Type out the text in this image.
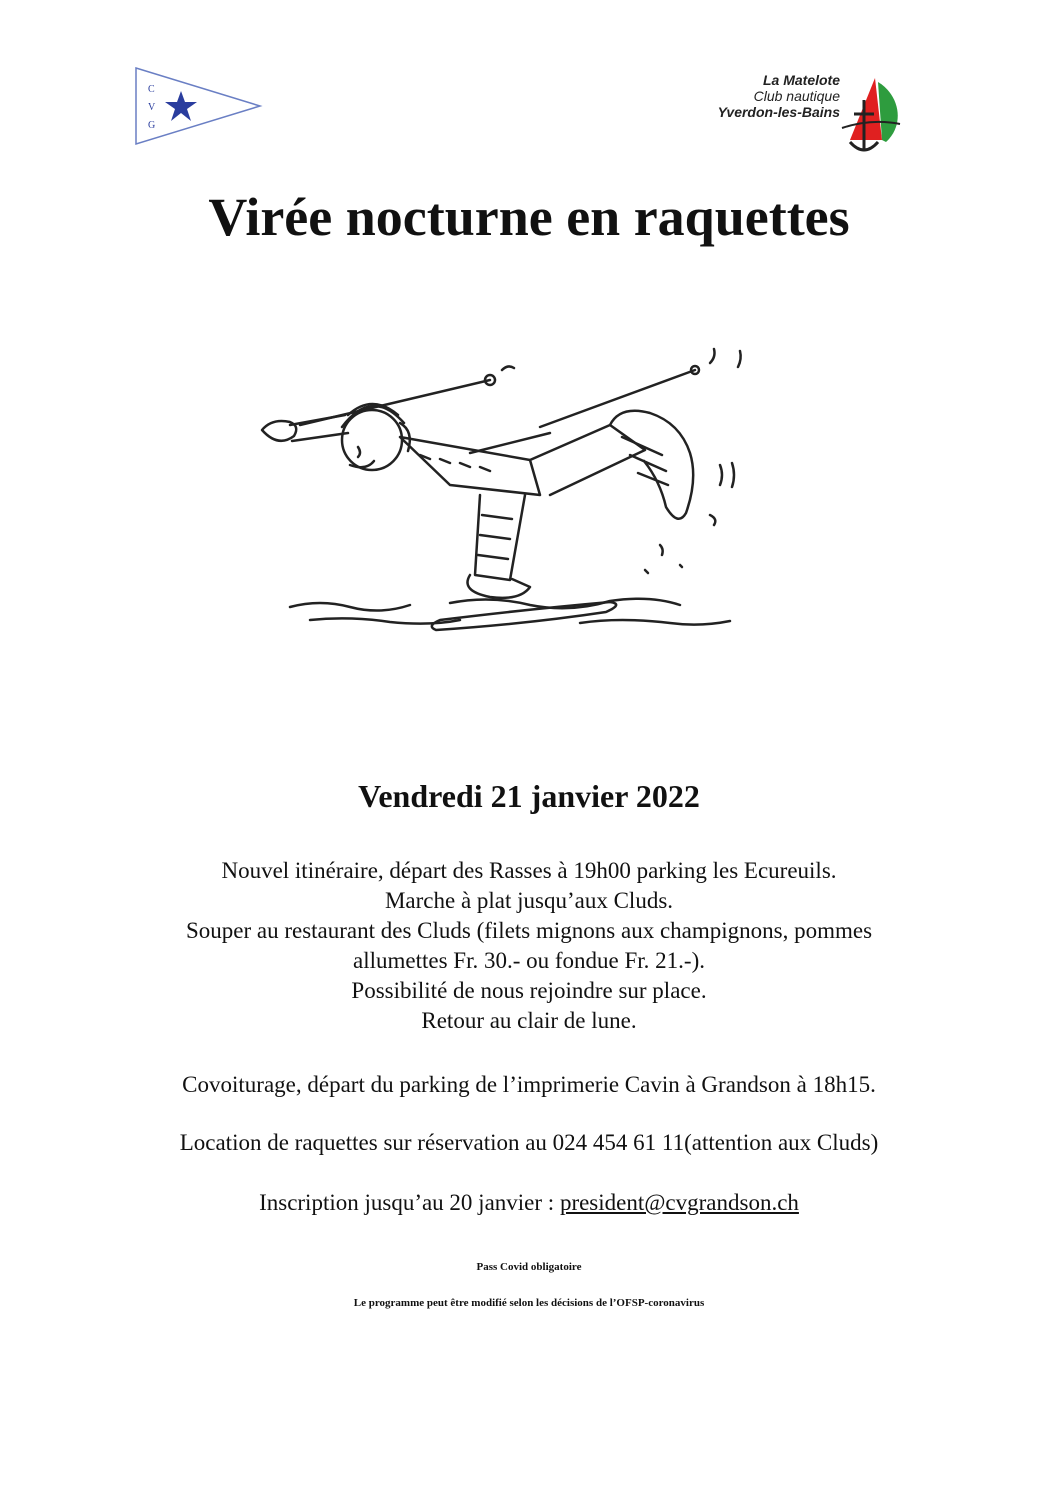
C
V
G
La Matelote
Club nautique
Yverdon-les-Bains
Virée nocturne en raquettes
Vendredi 21 janvier 2022
Nouvel itinéraire, départ des Rasses à 19h00 parking les Ecureuils.
Marche à plat jusqu’aux Cluds.
Souper au restaurant des Cluds (filets mignons aux champignons, pommes
allumettes Fr. 30.- ou fondue Fr. 21.-).
Possibilité de nous rejoindre sur place.
Retour au clair de lune.
Covoiturage, départ du parking de l’imprimerie Cavin à Grandson à 18h15.
Location de raquettes sur réservation au 024 454 61 11(attention aux Cluds)
Inscription jusqu’au 20 janvier : president@cvgrandson.ch
Pass Covid obligatoire
Le programme peut être modifié selon les décisions de l’OFSP-coronavirus
